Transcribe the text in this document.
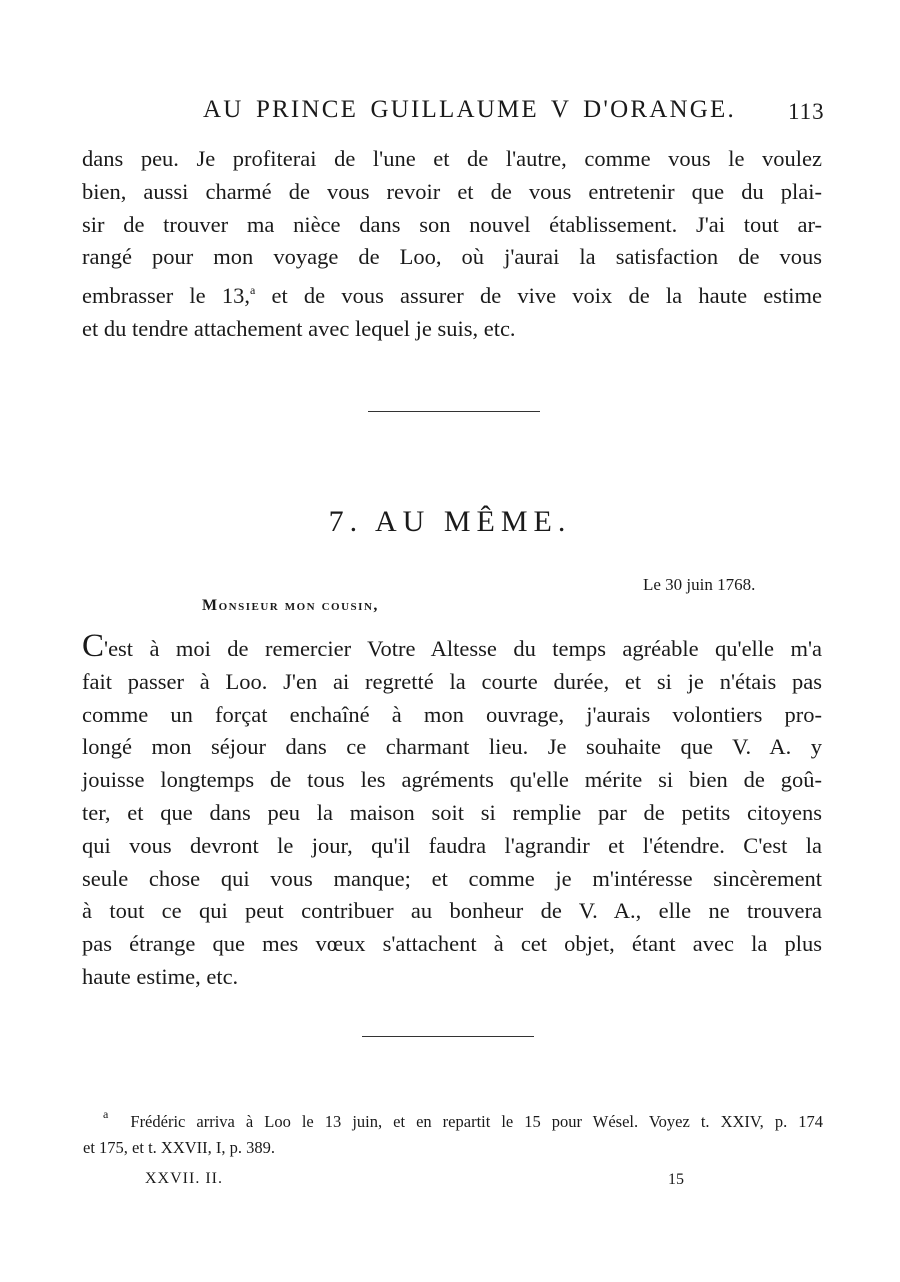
AU PRINCE GUILLAUME V D'ORANGE. 113
dans peu. Je profiterai de l'une et de l'autre, comme vous le voulez
bien, aussi charmé de vous revoir et de vous entretenir que du plai-
sir de trouver ma nièce dans son nouvel établissement. J'ai tout ar-
rangé pour mon voyage de Loo, où j'aurai la satisfaction de vous
embrasser le 13,$^a$ et de vous assurer de vive voix de la haute estime
et du tendre attachement avec lequel je suis, etc.
7. AU MÊME.
Le 30 juin 1768.
Monsieur mon cousin,
C'est à moi de remercier Votre Altesse du temps agréable qu'elle m'a
fait passer à Loo. J'en ai regretté la courte durée, et si je n'étais pas
comme un forçat enchaîné à mon ouvrage, j'aurais volontiers pro-
longé mon séjour dans ce charmant lieu. Je souhaite que V. A. y
jouisse longtemps de tous les agréments qu'elle mérite si bien de goû-
ter, et que dans peu la maison soit si remplie par de petits citoyens
qui vous devront le jour, qu'il faudra l'agrandir et l'étendre. C'est la
seule chose qui vous manque; et comme je m'intéresse sincèrement
à tout ce qui peut contribuer au bonheur de V. A., elle ne trouvera
pas étrange que mes vœux s'attachent à cet objet, étant avec la plus
haute estime, etc.
$^a$ Frédéric arriva à Loo le 13 juin, et en repartit le 15 pour Wésel. Voyez t. XXIV, p. 174
et 175, et t. XXVII, I, p. 389.
XXVII. II.	15
